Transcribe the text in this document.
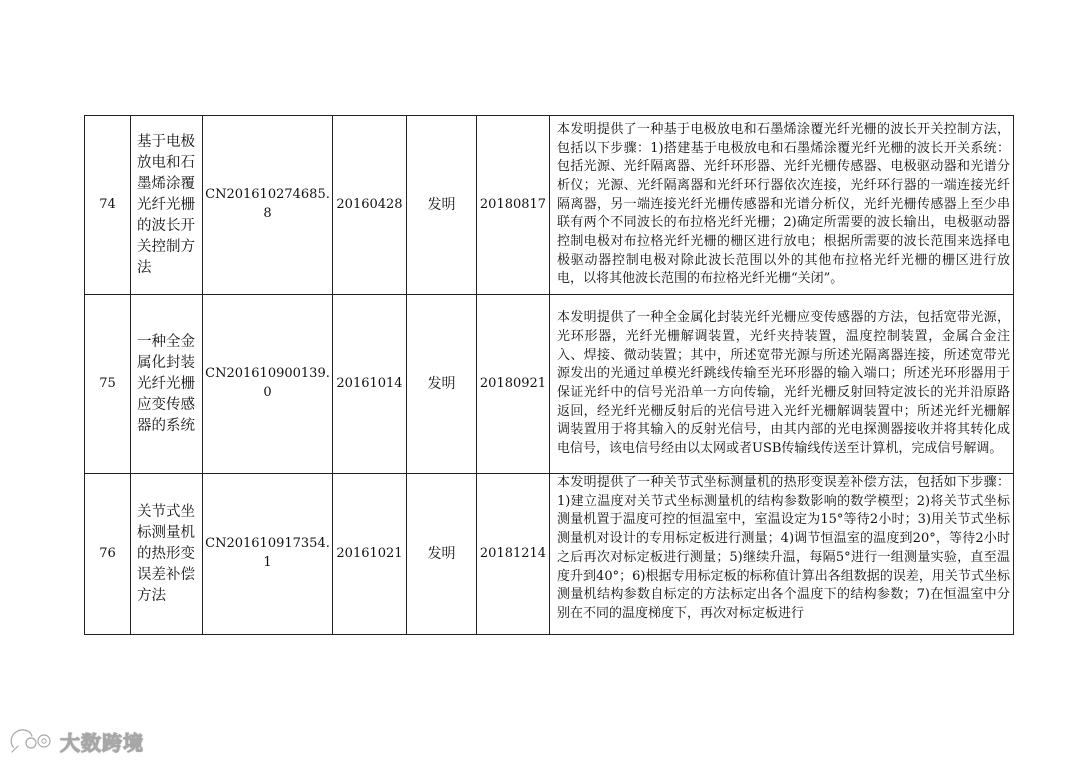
74	基于电极放电和石墨烯涂覆光纤光栅的波长开关控制方法	CN201610274685.8	20160428	发明	20180817	本发明提供了一种基于电极放电和石墨烯涂覆光纤光栅的波长开关控制方法，包括以下步骤：1)搭建基于电极放电和石墨烯涂覆光纤光栅的波长开关系统：包括光源、光纤隔离器、光纤环形器、光纤光栅传感器、电极驱动器和光谱分析仪；光源、光纤隔离器和光纤环行器依次连接，光纤环行器的一端连接光纤隔离器，另一端连接光纤光栅传感器和光谱分析仪，光纤光栅传感器上至少串联有两个不同波长的布拉格光纤光栅；2)确定所需要的波长输出，电极驱动器控制电极对布拉格光纤光栅的栅区进行放电；根据所需要的波长范围来选择电极驱动器控制电极对除此波长范围以外的其他布拉格光纤光栅的栅区进行放电，以将其他波长范围的布拉格光纤光栅“关闭”。
75	一种全金属化封装光纤光栅应变传感器的系统	CN201610900139.0	20161014	发明	20180921	本发明提供了一种全金属化封装光纤光栅应变传感器的方法，包括宽带光源，光环形器，光纤光栅解调装置，光纤夹持装置，温度控制装置，金属合金注入、焊接、微动装置；其中，所述宽带光源与所述光隔离器连接，所述宽带光源发出的光通过单模光纤跳线传输至光环形器的输入端口；所述光环形器用于保证光纤中的信号光沿单一方向传输，光纤光栅反射回特定波长的光并沿原路返回，经光纤光栅反射后的光信号进入光纤光栅解调装置中；所述光纤光栅解调装置用于将其输入的反射光信号，由其内部的光电探测器接收并将其转化成电信号，该电信号经由以太网或者USB传输线传送至计算机，完成信号解调。
76	关节式坐标测量机的热形变误差补偿方法	CN201610917354.1	20161021	发明	20181214	本发明提供了一种关节式坐标测量机的热形变误差补偿方法，包括如下步骤：1)建立温度对关节式坐标测量机的结构参数影响的数学模型；2)将关节式坐标测量机置于温度可控的恒温室中，室温设定为15°等待2小时；3)用关节式坐标测量机对设计的专用标定板进行测量；4)调节恒温室的温度到20°，等待2小时之后再次对标定板进行测量；5)继续升温，每隔5°进行一组测量实验，直至温度升到40°；6)根据专用标定板的标称值计算出各组数据的误差，用关节式坐标测量机结构参数自标定的方法标定出各个温度下的结构参数；7)在恒温室中分别在不同的温度梯度下，再次对标定板进行
大数跨境
